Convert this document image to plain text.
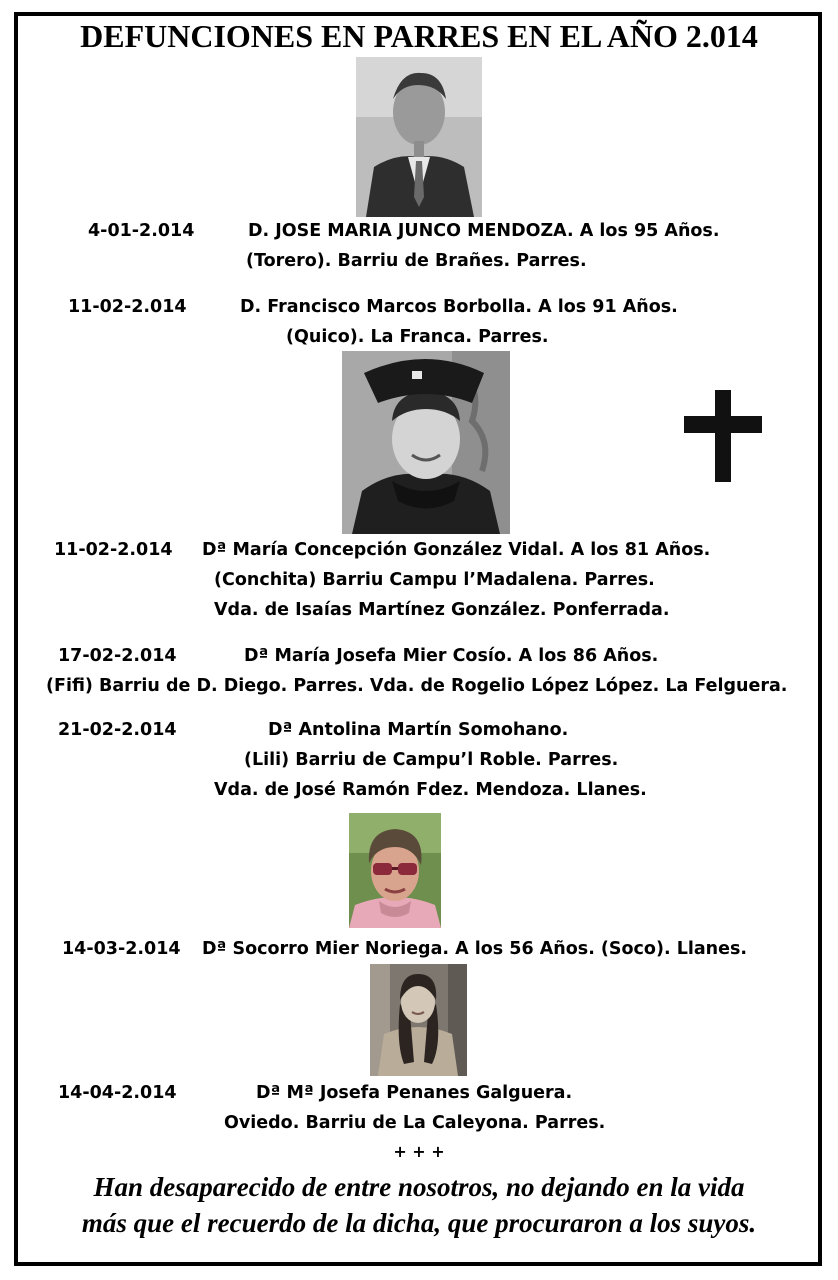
DEFUNCIONES EN PARRES EN EL AÑO 2.014
4-01-2.014	D. JOSE MARIA JUNCO MENDOZA. A los 95 Años.
(Torero). Barriu de Brañes. Parres.
11-02-2.014	D. Francisco Marcos Borbolla. A los 91 Años.
(Quico). La Franca. Parres.
11-02-2.014 Dª María Concepción González Vidal. A los 81 Años.
(Conchita) Barriu Campu l’Madalena. Parres.
Vda. de Isaías Martínez González. Ponferrada.
17-02-2.014	Dª María Josefa Mier Cosío. A los 86 Años.
(Fifi) Barriu de D. Diego. Parres. Vda. de Rogelio López López. La Felguera.
21-02-2.014	Dª Antolina Martín Somohano.
(Lili) Barriu de Campu’l Roble. Parres.
Vda. de José Ramón Fdez. Mendoza. Llanes.
14-03-2.014 Dª Socorro Mier Noriega. A los 56 Años. (Soco). Llanes.
14-04-2.014	Dª Mª Josefa Penanes Galguera.
Oviedo. Barriu de La Caleyona. Parres.
+ + +
Han desaparecido de entre nosotros, no dejando en la vida
más que el recuerdo de la dicha, que procuraron a los suyos.
